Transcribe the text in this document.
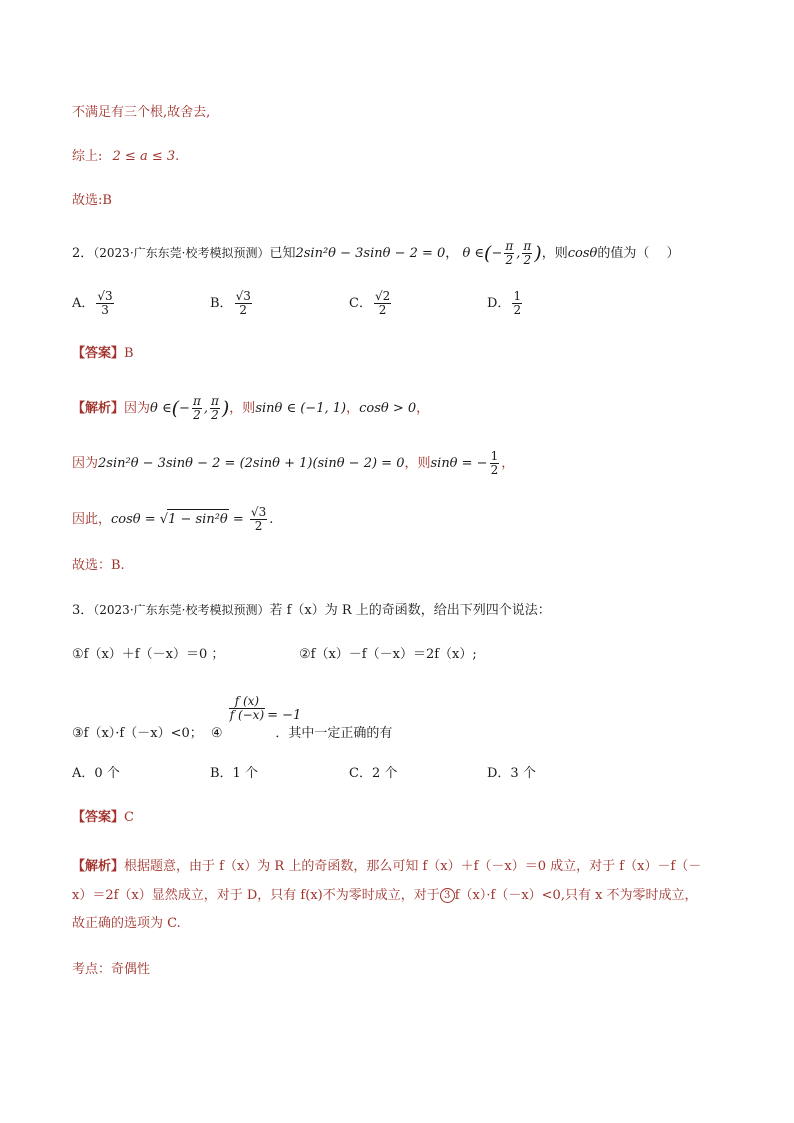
不满足有三个根,故舍去,
综上: 2 ≤ a ≤ 3.
故选:B
2．（2023·广东东莞·校考模拟预测）已知2sin²θ − 3sinθ − 2 = 0， θ ∈(− $\frac{\pi}{2}$ , $\frac{\pi}{2}$ )，则cosθ的值为（　 ）
A． $\frac{√3}{3}$	B． $\frac{√3}{2}$	C． $\frac{√2}{2}$	D． $\frac{1}{2}$
【答案】B
【解析】因为θ ∈(− $\frac{\pi}{2}$ , $\frac{\pi}{2}$ )，则sinθ ∈ (−1, 1)，cosθ > 0，
因为2sin²θ − 3sinθ − 2 = (2sinθ + 1)(sinθ − 2) = 0，则sinθ = − $\frac{1}{2}$ ，
因此，$\cos\theta = √1 - \sin^2\theta = \frac{√3}{2}$ .
故选：B.
3．（2023·广东东莞·校考模拟预测）若 f（x）为 R 上的奇函数，给出下列四个说法：
①f（x）＋f（－x）＝0 ；	②f（x）－f（－x）＝2f（x）;
③f（x）·f（－x）<0； ④
$\frac{f (x)}{f (-x)} = -1$．其中一定正确的有
A．0 个	B．1 个	C．2 个	D．3 个
【答案】C
【解析】根据题意，由于 f（x）为 R 上的奇函数，那么可知 f（x）＋f（－x）＝0 成立，对于 f（x）－f（－
x）＝2f（x）显然成立，对于 D，只有 f(x)不为零时成立，对于 3 f（x）·f（－x）<0,只有 x 不为零时成立，
故正确的选项为 C.
考点：奇偶性
